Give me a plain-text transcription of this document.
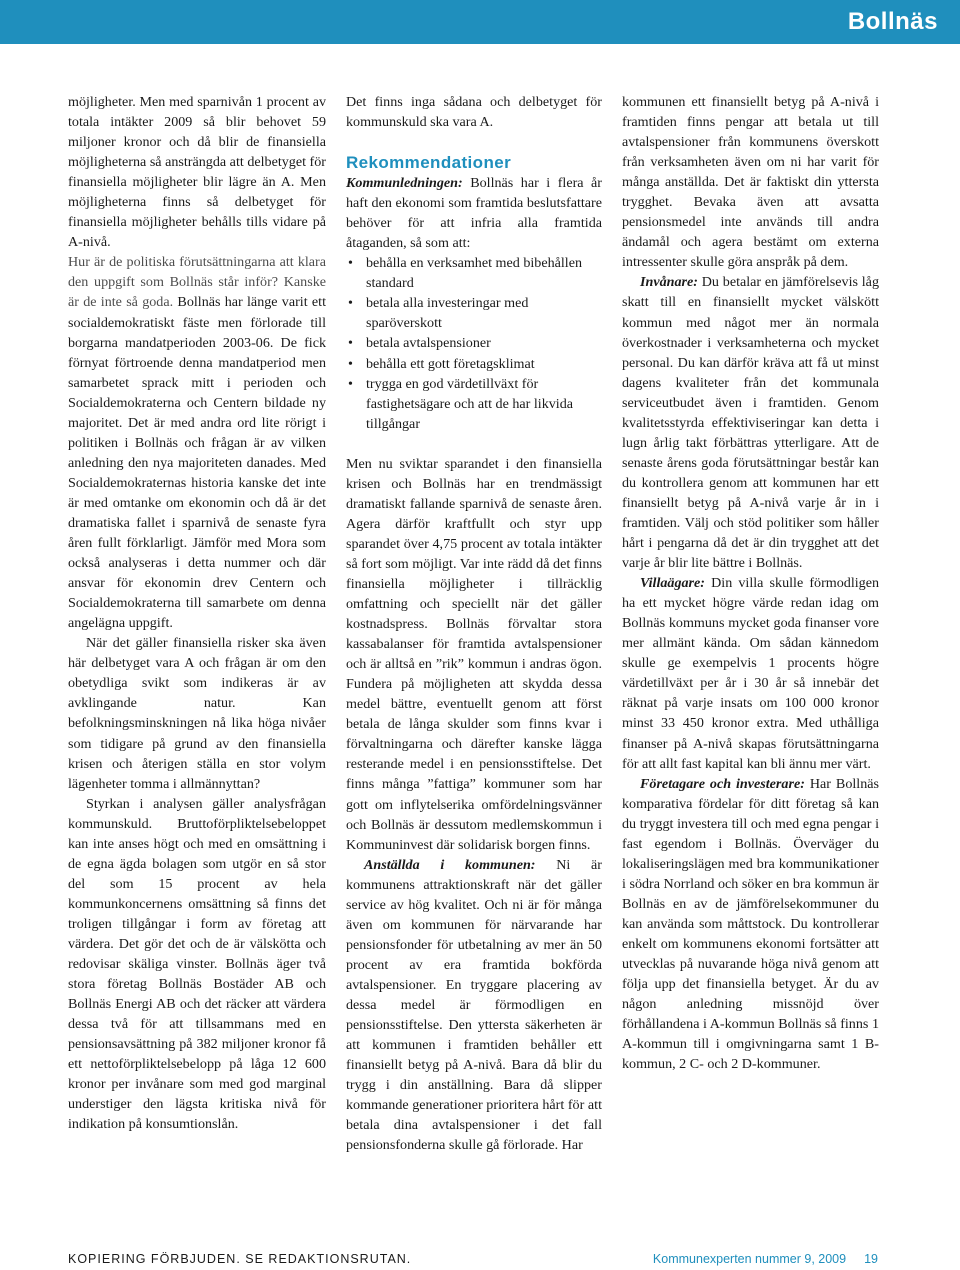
Bollnäs

möjligheter. Men med sparnivån 1 procent av totala intäkter 2009 så blir behovet 59 miljoner kronor och då blir de finansiella möjligheterna så ansträngda att delbetyget för finansiella möjligheter blir lägre än A. Men möjligheterna finns så delbetyget för finansiella möjligheter behålls tills vidare på A-nivå.

Hur är de politiska förutsättningarna att klara den uppgift som Bollnäs står inför? Kanske är de inte så goda. Bollnäs har länge varit ett socialdemokratiskt fäste men förlorade till borgarna mandatperioden 2003-06. De fick förnyat förtroende denna mandatperiod men samarbetet sprack mitt i perioden och Socialdemokraterna och Centern bildade ny majoritet. Det är med andra ord lite rörigt i politiken i Bollnäs och frågan är av vilken anledning den nya majoriteten danades. Med Socialdemokraternas historia kanske det inte är med omtanke om ekonomin och då är det dramatiska fallet i sparnivå de senaste fyra åren fullt förklarligt. Jämför med Mora som också analyseras i detta nummer och där ansvar för ekonomin drev Centern och Socialdemokraterna till samarbete om denna angelägna uppgift.

När det gäller finansiella risker ska även här delbetyget vara A och frågan är om den obetydliga svikt som indikeras är av avklingande natur. Kan befolkningsminskningen nå lika höga nivåer som tidigare på grund av den finansiella krisen och återigen ställa en stor volym lägenheter tomma i allmännyttan?

Styrkan i analysen gäller analysfrågan kommunskuld. Bruttoförpliktelsebeloppet kan inte anses högt och med en omsättning i de egna ägda bolagen som utgör en så stor del som 15 procent av hela kommunkoncernens omsättning så finns det troligen tillgångar i form av företag att värdera. Det gör det och de är välskötta och redovisar skäliga vinster. Bollnäs äger två stora företag Bollnäs Bostäder AB och Bollnäs Energi AB och det räcker att värdera dessa två för att tillsammans med en pensionsavsättning på 382 miljoner kronor få ett nettoförpliktelsebelopp på låga 12 600 kronor per invånare som med god marginal understiger den lägsta kritiska nivå för indikation på konsumtionslån.

Det finns inga sådana och delbetyget för kommunskuld ska vara A.

Rekommendationer

Kommunledningen: Bollnäs har i flera år haft den ekonomi som framtida beslutsfattare behöver för att infria alla framtida åtaganden, så som att:

• behålla en verksamhet med bibehållen standard
• betala alla investeringar med sparöverskott
• betala avtalspensioner
• behålla ett gott företagsklimat
• trygga en god värdetillväxt för fastighetsägare och att de har likvida tillgångar

Men nu sviktar sparandet i den finansiella krisen och Bollnäs har en trendmässigt dramatiskt fallande sparnivå de senaste åren. Agera därför kraftfullt och styr upp sparandet över 4,75 procent av totala intäkter så fort som möjligt. Var inte rädd då det finns finansiella möjligheter i tillräcklig omfattning och speciellt när det gäller kostnadspress. Bollnäs förvaltar stora kassabalanser för framtida avtalspensioner och är alltså en ”rik” kommun i andras ögon. Fundera på möjligheten att skydda dessa medel bättre, eventuellt genom att först betala de långa skulder som finns kvar i förvaltningarna och därefter kanske lägga resterande medel i en pensionsstiftelse. Det finns många ”fattiga” kommuner som har gott om inflytelserika omfördelningsvänner och Bollnäs är dessutom medlemskommun i Kommuninvest där solidarisk borgen finns.

Anställda i kommunen: Ni är kommunens attraktionskraft när det gäller service av hög kvalitet. Och ni är för många även om kommunen för närvarande har pensionsfonder för utbetalning av mer än 50 procent av era framtida bokförda avtalspensioner. En tryggare placering av dessa medel är förmodligen en pensionsstiftelse. Den yttersta säkerheten är att kommunen i framtiden behåller ett finansiellt betyg på A-nivå. Bara då blir du trygg i din anställning. Bara då slipper kommande generationer prioritera hårt för att betala dina avtalspensioner i det fall pensionsfonderna skulle gå förlorade. Har

kommunen ett finansiellt betyg på A-nivå i framtiden finns pengar att betala ut till avtalspensioner från kommunens överskott från verksamheten även om ni har varit för många anställda. Det är faktiskt din yttersta trygghet. Bevaka även att avsatta pensionsmedel inte används till andra ändamål och agera bestämt om externa intressenter skulle göra anspråk på dem.

Invånare: Du betalar en jämförelsevis låg skatt till en finansiellt mycket välskött kommun med något mer än normala överkostnader i verksamheterna och mycket personal. Du kan därför kräva att få ut minst dagens kvaliteter från det kommunala serviceutbudet även i framtiden. Genom kvalitetsstyrda effektiviseringar kan detta i lugn årlig takt förbättras ytterligare. Att de senaste årens goda förutsättningar består kan du kontrollera genom att kommunen har ett finansiellt betyg på A-nivå varje år in i framtiden. Välj och stöd politiker som håller hårt i pengarna då det är din trygghet att det varje år blir lite bättre i Bollnäs.

Villaägare: Din villa skulle förmodligen ha ett mycket högre värde redan idag om Bollnäs kommuns mycket goda finanser vore mer allmänt kända. Om sådan kännedom skulle ge exempelvis 1 procents högre värdetillväxt per år i 30 år så innebär det räknat på varje insats om 100 000 kronor minst 33 450 kronor extra. Med uthålliga finanser på A-nivå skapas förutsättningarna för att allt fast kapital kan bli ännu mer värt.

Företagare och investerare: Har Bollnäs komparativa fördelar för ditt företag så kan du tryggt investera till och med egna pengar i fast egendom i Bollnäs. Överväger du lokaliseringslägen med bra kommunikationer i södra Norrland och söker en bra kommun är Bollnäs en av de jämförelsekommuner du kan använda som måttstock. Du kontrollerar enkelt om kommunens ekonomi fortsätter att utvecklas på nuvarande höga nivå genom att följa upp det finansiella betyget. Är du av någon anledning missnöjd över förhållandena i A-kommun Bollnäs så finns 1 A-kommun till i omgivningarna samt 1 B-kommun, 2 C- och 2 D-kommuner.

KOPIERING FÖRBJUDEN. SE REDAKTIONSRUTAN.	Kommunexperten nummer 9, 2009 19
